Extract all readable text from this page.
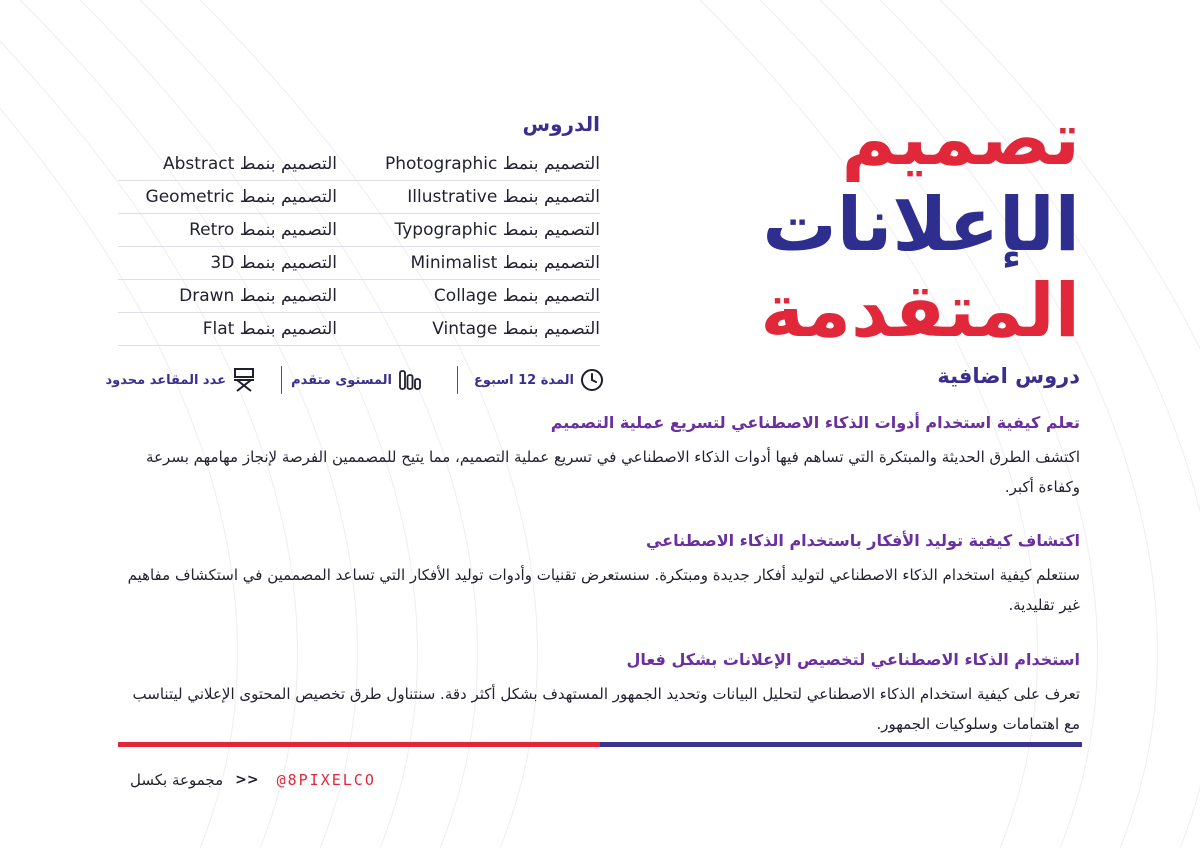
تصميم
الإعلانات
المتقدمة
الدروس
التصميم بنمط Photographic
التصميم بنمط Abstract
التصميم بنمط Illustrative
التصميم بنمط Geometric
التصميم بنمط Typographic
التصميم بنمط Retro
التصميم بنمط Minimalist
التصميم بنمط 3D
التصميم بنمط Collage
التصميم بنمط Drawn
التصميم بنمط Vintage
التصميم بنمط Flat
دروس اضافية
المدة 12 اسبوع
المستوى متقدم
عدد المقاعد محدود
تعلم كيفية استخدام أدوات الذكاء الاصطناعي لتسريع عملية التصميم
اكتشف الطرق الحديثة والمبتكرة التي تساهم فيها أدوات الذكاء الاصطناعي في تسريع عملية التصميم، مما يتيح للمصممين الفرصة لإنجاز مهامهم بسرعة وكفاءة أكبر.
اكتشاف كيفية توليد الأفكار باستخدام الذكاء الاصطناعي
سنتعلم كيفية استخدام الذكاء الاصطناعي لتوليد أفكار جديدة ومبتكرة. سنستعرض تقنيات وأدوات توليد الأفكار التي تساعد المصممين في استكشاف مفاهيم غير تقليدية.
استخدام الذكاء الاصطناعي لتخصيص الإعلانات بشكل فعال
تعرف على كيفية استخدام الذكاء الاصطناعي لتحليل البيانات وتحديد الجمهور المستهدف بشكل أكثر دقة. سنتناول طرق تخصيص المحتوى الإعلاني ليتناسب مع اهتمامات وسلوكيات الجمهور.
مجموعة بكسل >> @8PIXELCO
